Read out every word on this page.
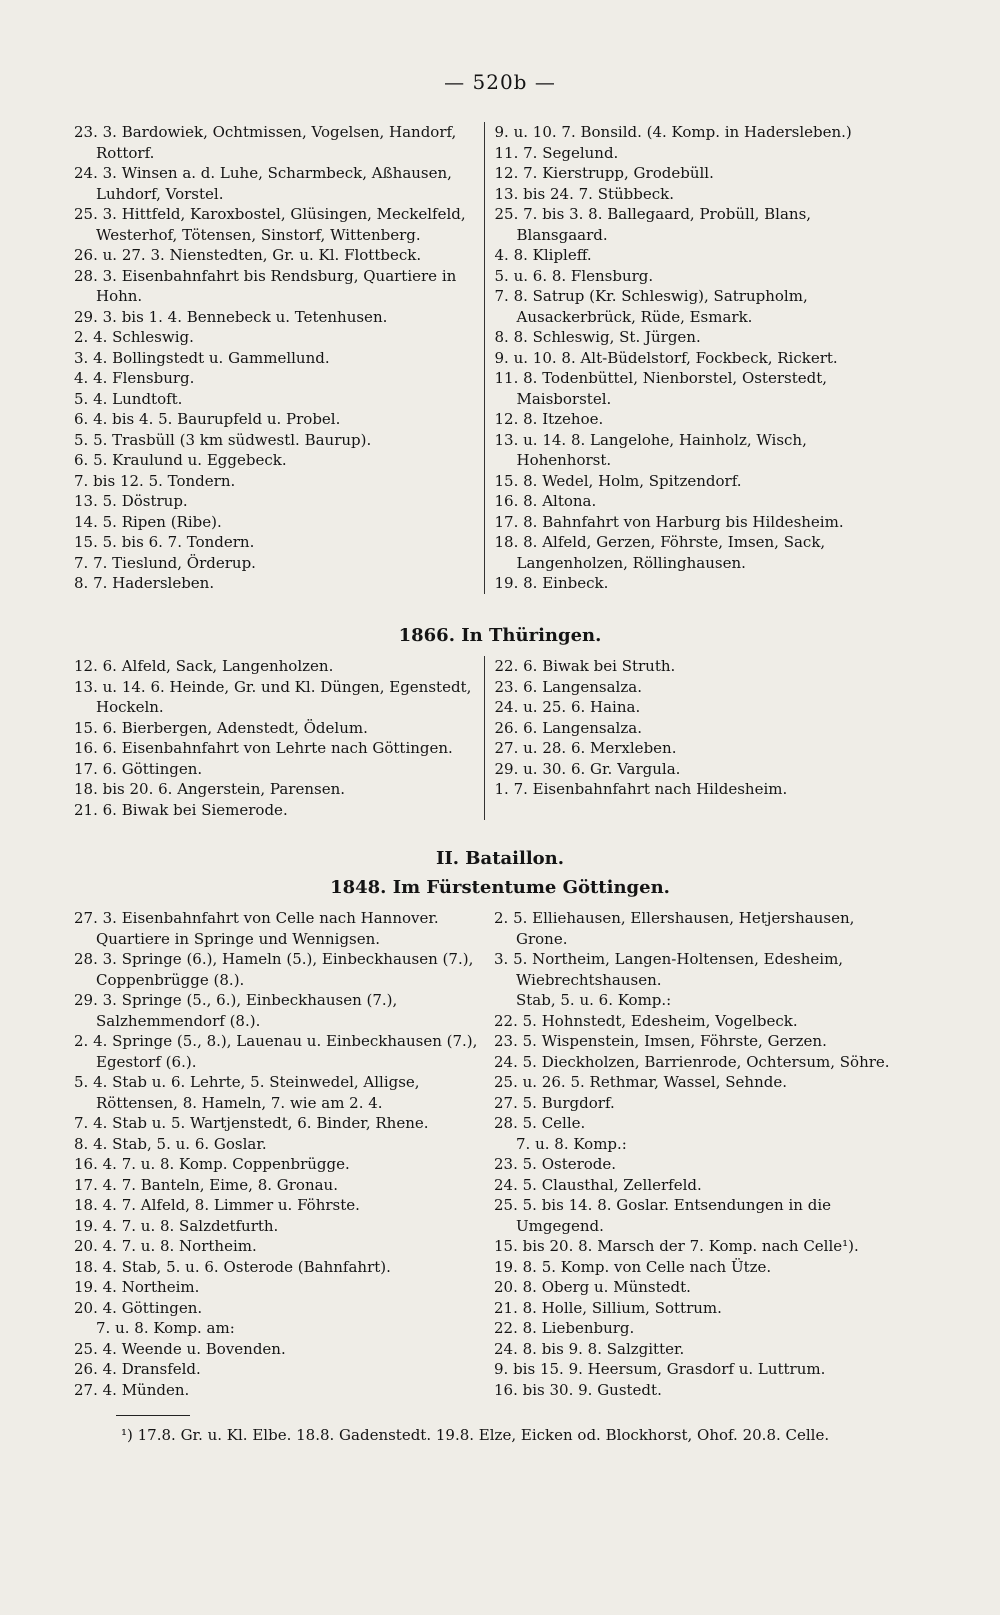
— 520b —
23. 3. Bardowiek, Ochtmissen, Vogelsen, Handorf, Rottorf.
24. 3. Winsen a. d. Luhe, Scharmbeck, Aßhausen, Luhdorf, Vorstel.
25. 3. Hittfeld, Karoxbostel, Glüsingen, Meckelfeld, Westerhof, Tötensen, Sinstorf, Wittenberg.
26. u. 27. 3. Nienstedten, Gr. u. Kl. Flottbeck.
28. 3. Eisenbahnfahrt bis Rendsburg, Quartiere in Hohn.
29. 3. bis 1. 4. Bennebeck u. Tetenhusen.
2. 4. Schleswig.
3. 4. Bollingstedt u. Gammellund.
4. 4. Flensburg.
5. 4. Lundtoft.
6. 4. bis 4. 5. Baurupfeld u. Probel.
5. 5. Trasbüll (3 km südwestl. Baurup).
6. 5. Kraulund u. Eggebeck.
7. bis 12. 5. Tondern.
13. 5. Döstrup.
14. 5. Ripen (Ribe).
15. 5. bis 6. 7. Tondern.
7. 7. Tieslund, Örderup.
8. 7. Hadersleben.
9. u. 10. 7. Bonsild. (4. Komp. in Hadersleben.)
11. 7. Segelund.
12. 7. Kierstrupp, Grodebüll.
13. bis 24. 7. Stübbeck.
25. 7. bis 3. 8. Ballegaard, Probüll, Blans, Blansgaard.
4. 8. Klipleff.
5. u. 6. 8. Flensburg.
7. 8. Satrup (Kr. Schleswig), Satrupholm, Ausackerbrück, Rüde, Esmark.
8. 8. Schleswig, St. Jürgen.
9. u. 10. 8. Alt-Büdelstorf, Fockbeck, Rickert.
11. 8. Todenbüttel, Nienborstel, Osterstedt, Maisborstel.
12. 8. Itzehoe.
13. u. 14. 8. Langelohe, Hainholz, Wisch, Hohenhorst.
15. 8. Wedel, Holm, Spitzendorf.
16. 8. Altona.
17. 8. Bahnfahrt von Harburg bis Hildesheim.
18. 8. Alfeld, Gerzen, Föhrste, Imsen, Sack, Langenholzen, Röllinghausen.
19. 8. Einbeck.
1866. In Thüringen.
12. 6. Alfeld, Sack, Langenholzen.
13. u. 14. 6. Heinde, Gr. und Kl. Düngen, Egenstedt, Hockeln.
15. 6. Bierbergen, Adenstedt, Ödelum.
16. 6. Eisenbahnfahrt von Lehrte nach Göttingen.
17. 6. Göttingen.
18. bis 20. 6. Angerstein, Parensen.
21. 6. Biwak bei Siemerode.
22. 6. Biwak bei Struth.
23. 6. Langensalza.
24. u. 25. 6. Haina.
26. 6. Langensalza.
27. u. 28. 6. Merxleben.
29. u. 30. 6. Gr. Vargula.
1. 7. Eisenbahnfahrt nach Hildesheim.
II. Bataillon.
1848. Im Fürstentume Göttingen.
27. 3. Eisenbahnfahrt von Celle nach Hannover. Quartiere in Springe und Wennigsen.
28. 3. Springe (6.), Hameln (5.), Einbeckhausen (7.), Coppenbrügge (8.).
29. 3. Springe (5., 6.), Einbeckhausen (7.), Salzhemmendorf (8.).
2. 4. Springe (5., 8.), Lauenau u. Einbeckhausen (7.), Egestorf (6.).
5. 4. Stab u. 6. Lehrte, 5. Steinwedel, Alligse, Röttensen, 8. Hameln, 7. wie am 2. 4.
7. 4. Stab u. 5. Wartjenstedt, 6. Binder, Rhene.
8. 4. Stab, 5. u. 6. Goslar.
16. 4. 7. u. 8. Komp. Coppenbrügge.
17. 4. 7. Banteln, Eime, 8. Gronau.
18. 4. 7. Alfeld, 8. Limmer u. Föhrste.
19. 4. 7. u. 8. Salzdetfurth.
20. 4. 7. u. 8. Northeim.
18. 4. Stab, 5. u. 6. Osterode (Bahnfahrt).
19. 4. Northeim.
20. 4. Göttingen.
7. u. 8. Komp. am:
25. 4. Weende u. Bovenden.
26. 4. Dransfeld.
27. 4. Münden.
2. 5. Elliehausen, Ellershausen, Hetjershausen, Grone.
3. 5. Northeim, Langen-Holtensen, Edesheim, Wiebrechtshausen.
Stab, 5. u. 6. Komp.:
22. 5. Hohnstedt, Edesheim, Vogelbeck.
23. 5. Wispenstein, Imsen, Föhrste, Gerzen.
24. 5. Dieckholzen, Barrienrode, Ochtersum, Söhre.
25. u. 26. 5. Rethmar, Wassel, Sehnde.
27. 5. Burgdorf.
28. 5. Celle.
7. u. 8. Komp.:
23. 5. Osterode.
24. 5. Clausthal, Zellerfeld.
25. 5. bis 14. 8. Goslar. Entsendungen in die Umgegend.
15. bis 20. 8. Marsch der 7. Komp. nach Celle¹).
19. 8. 5. Komp. von Celle nach Ütze.
20. 8. Oberg u. Münstedt.
21. 8. Holle, Sillium, Sottrum.
22. 8. Liebenburg.
24. 8. bis 9. 8. Salzgitter.
9. bis 15. 9. Heersum, Grasdorf u. Luttrum.
16. bis 30. 9. Gustedt.
¹) 17.8. Gr. u. Kl. Elbe. 18.8. Gadenstedt. 19.8. Elze, Eicken od. Blockhorst, Ohof. 20.8. Celle.
